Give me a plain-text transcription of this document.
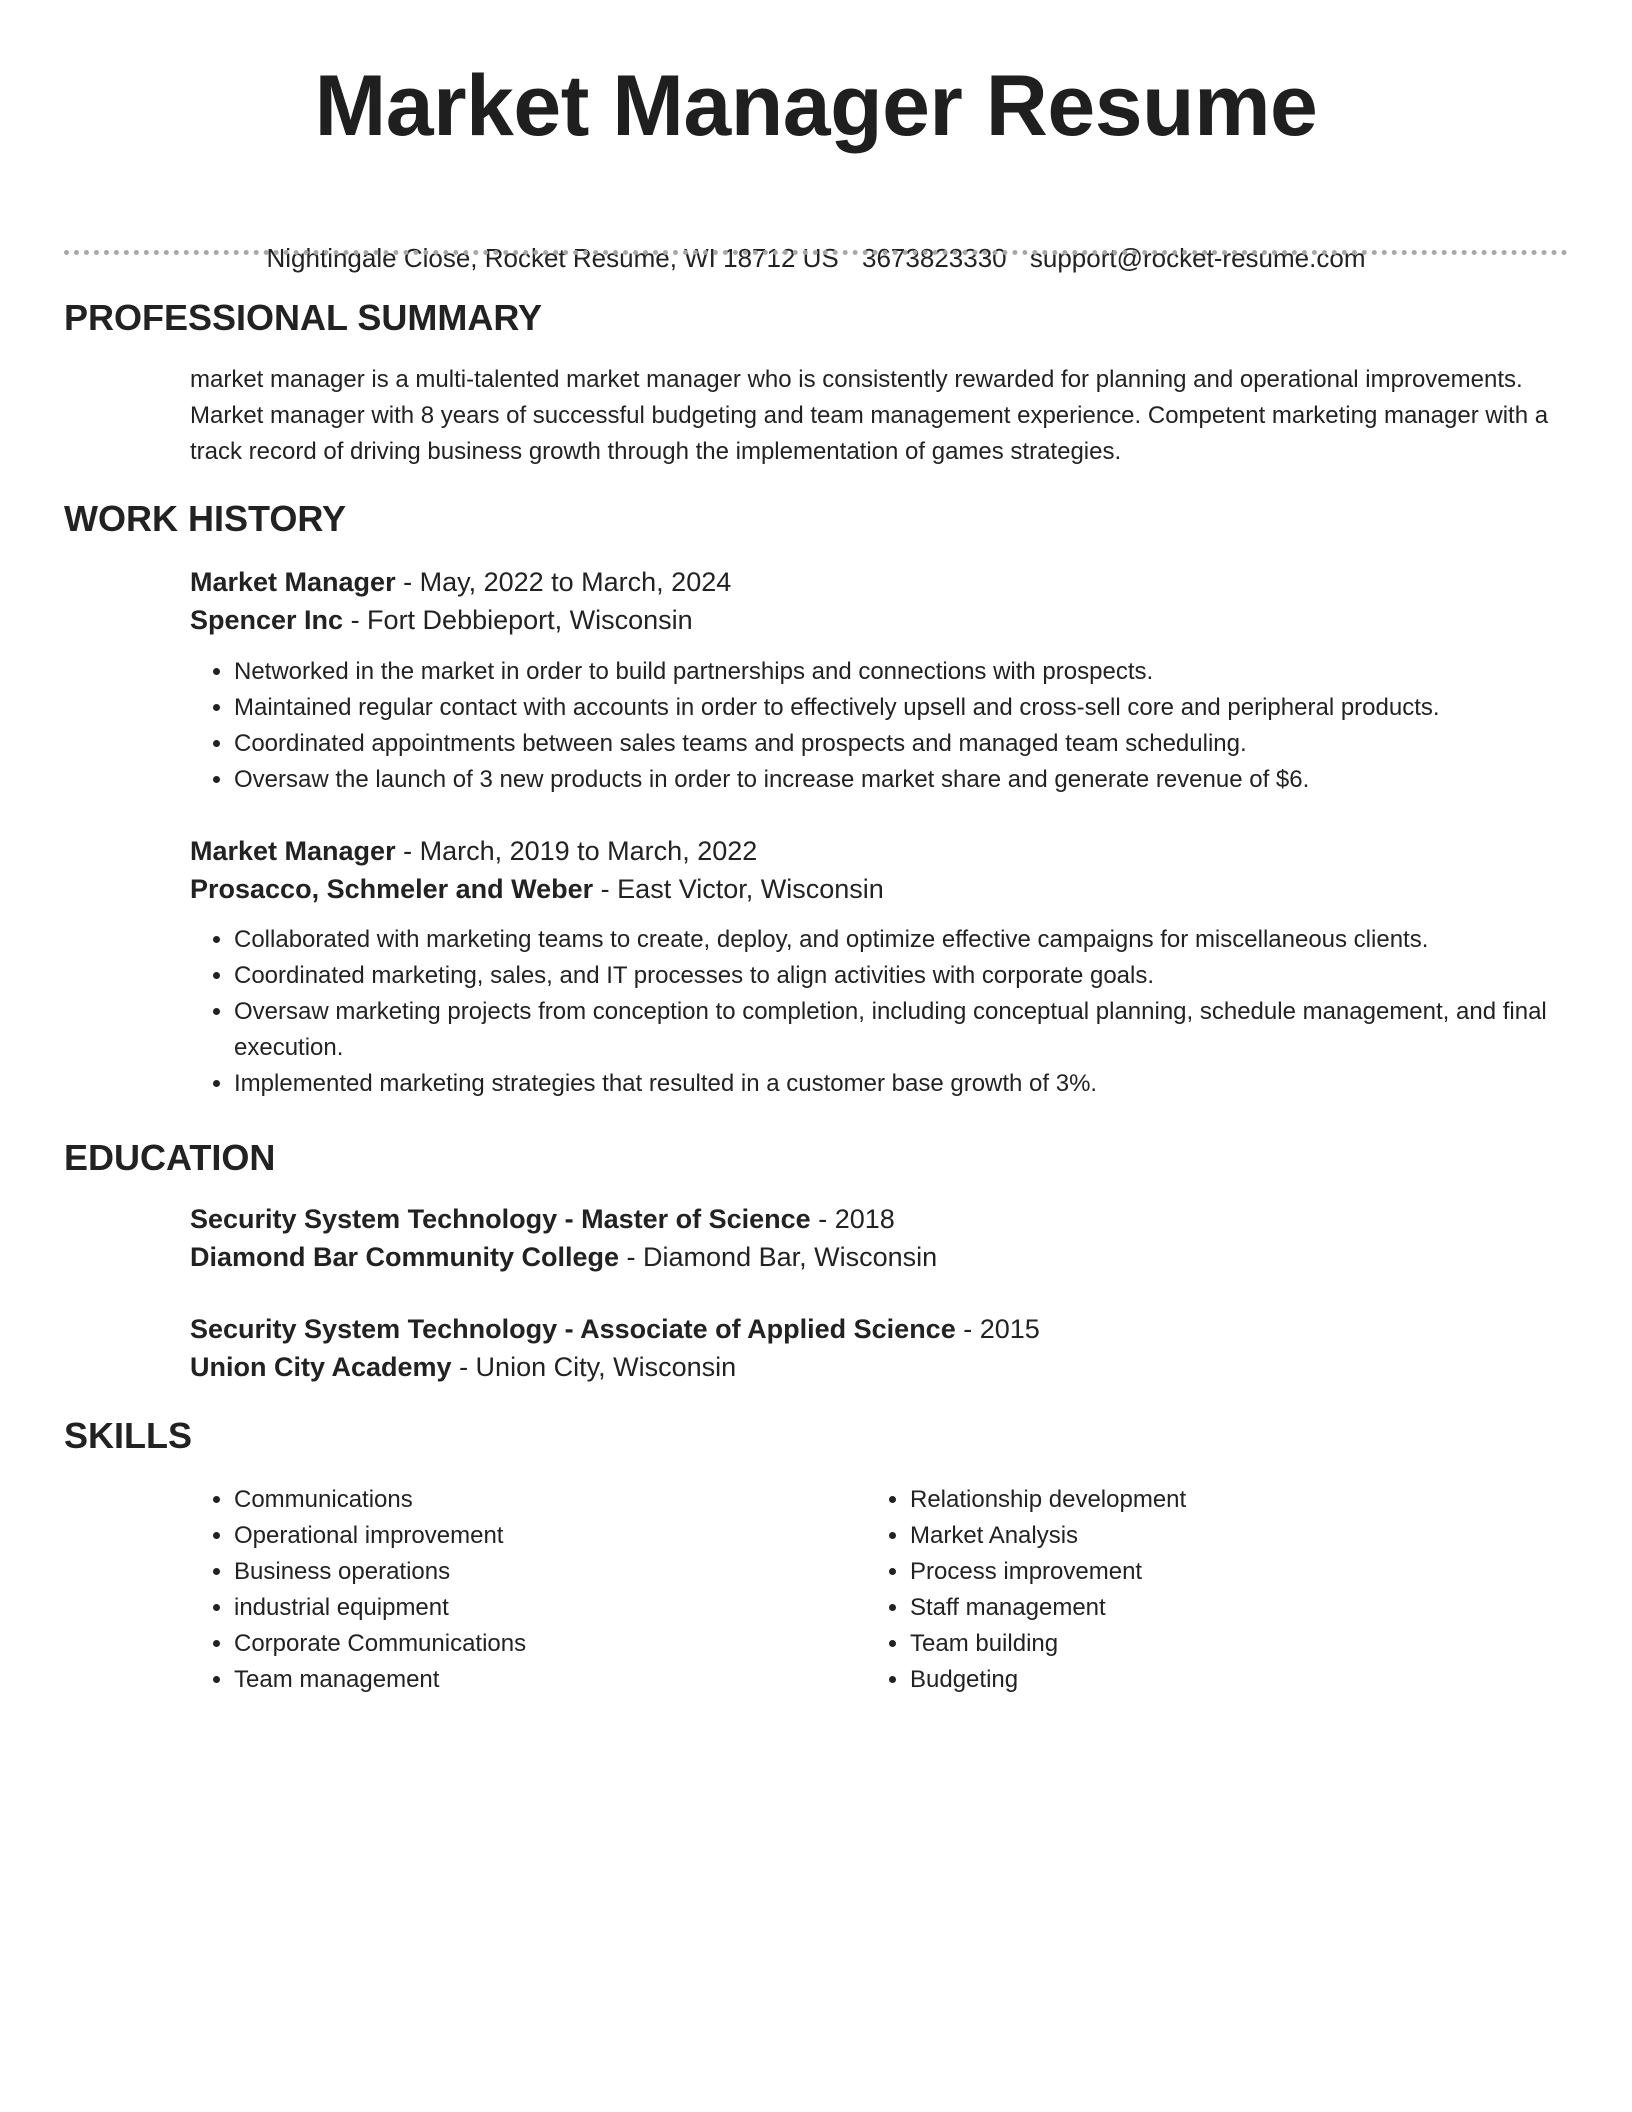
Market Manager Resume
Nightingale Close, Rocket Resume, WI 18712 US 3673823330 support@rocket-resume.com
PROFESSIONAL SUMMARY
market manager is a multi-talented market manager who is consistently rewarded for planning and operational improvements. Market manager with 8 years of successful budgeting and team management experience. Competent marketing manager with a track record of driving business growth through the implementation of games strategies.
WORK HISTORY
Market Manager - May, 2022 to March, 2024
Spencer Inc - Fort Debbieport, Wisconsin
• Networked in the market in order to build partnerships and connections with prospects.
• Maintained regular contact with accounts in order to effectively upsell and cross-sell core and peripheral products.
• Coordinated appointments between sales teams and prospects and managed team scheduling.
• Oversaw the launch of 3 new products in order to increase market share and generate revenue of $6.
Market Manager - March, 2019 to March, 2022
Prosacco, Schmeler and Weber - East Victor, Wisconsin
• Collaborated with marketing teams to create, deploy, and optimize effective campaigns for miscellaneous clients.
• Coordinated marketing, sales, and IT processes to align activities with corporate goals.
• Oversaw marketing projects from conception to completion, including conceptual planning, schedule management, and final execution.
• Implemented marketing strategies that resulted in a customer base growth of 3%.
EDUCATION
Security System Technology - Master of Science - 2018
Diamond Bar Community College - Diamond Bar, Wisconsin
Security System Technology - Associate of Applied Science - 2015
Union City Academy - Union City, Wisconsin
SKILLS
• Communications
• Operational improvement
• Business operations
• industrial equipment
• Corporate Communications
• Team management
• Relationship development
• Market Analysis
• Process improvement
• Staff management
• Team building
• Budgeting
